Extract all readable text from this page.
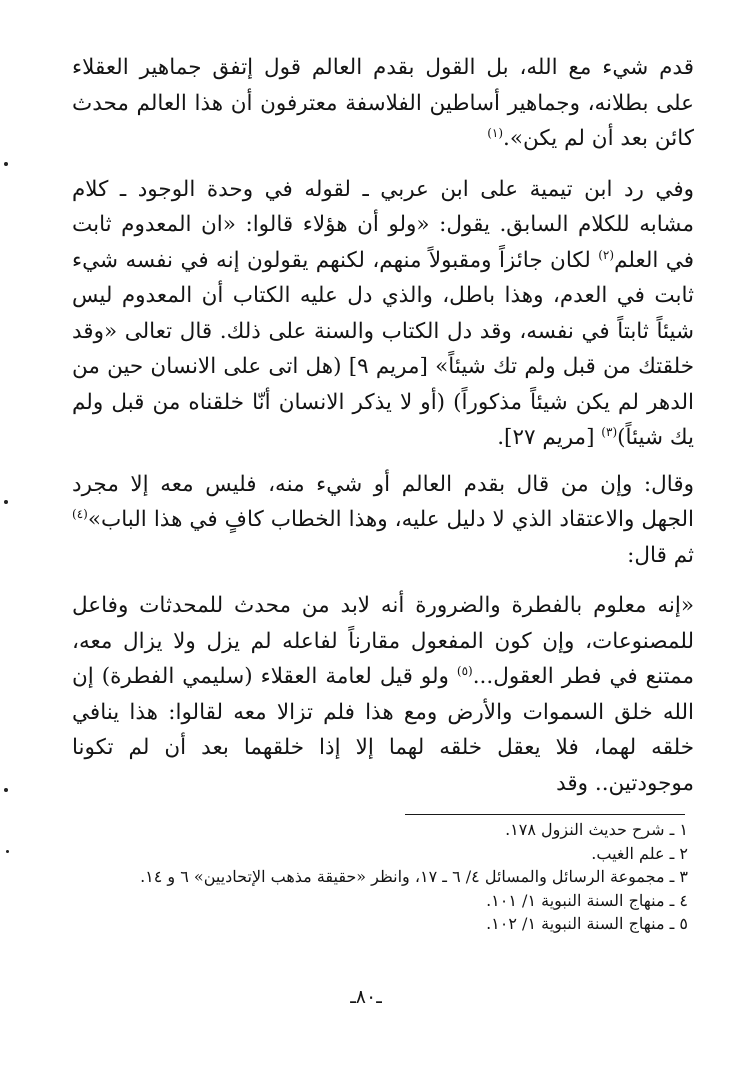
قدم شيء مع الله، بل القول بقدم العالم قول إتفق جماهير العقلاء على بطلانه، وجماهير أساطين الفلاسفة معترفون أن هذا العالم محدث كائن بعد أن لم يكن».$^{(١)}$

وفي رد ابن تيمية على ابن عربي ـ لقوله في وحدة الوجود ـ كلام مشابه للكلام السابق. يقول: «ولو أن هؤلاء قالوا: «ان المعدوم ثابت في العلم$^{(٢)}$ لكان جائزاً ومقبولاً منهم، لكنهم يقولون إنه في نفسه شيء ثابت في العدم، وهذا باطل، والذي دل عليه الكتاب أن المعدوم ليس شيئاً ثابتاً في نفسه، وقد دل الكتاب والسنة على ذلك. قال تعالى «وقد خلقتك من قبل ولم تك شيئاً» [مريم ٩] (هل اتى على الانسان حين من الدهر لم يكن شيئاً مذكوراً) (أو لا يذكر الانسان أنّا خلقناه من قبل ولم يك شيئاً)$^{(٣)}$ [مريم ٢٧].

وقال: وإن من قال بقدم العالم أو شيء منه، فليس معه إلا مجرد الجهل والاعتقاد الذي لا دليل عليه، وهذا الخطاب كافٍ في هذا الباب»$^{(٤)}$ ثم قال:

«إنه معلوم بالفطرة والضرورة أنه لابد من محدث للمحدثات وفاعل للمصنوعات، وإن كون المفعول مقارناً لفاعله لم يزل ولا يزال معه، ممتنع في فطر العقول...$^{(٥)}$ ولو قيل لعامة العقلاء (سليمي الفطرة) إن الله خلق السموات والأرض ومع هذا فلم تزالا معه لقالوا: هذا ينافي خلقه لهما، فلا يعقل خلقه لهما إلا إذا خلقهما بعد أن لم تكونا موجودتين.. وقد

١ ـ شرح حديث النزول ١٧٨.

٢ ـ علم الغيب.

٣ ـ مجموعة الرسائل والمسائل ٤/ ٦ ـ ١٧، وانظر «حقيقة مذهب الإتحاديين» ٦ و ١٤.

٤ ـ منهاج السنة النبوية ١/ ١٠١.

٥ ـ منهاج السنة النبوية ١/ ١٠٢.

ـ٨٠ـ
